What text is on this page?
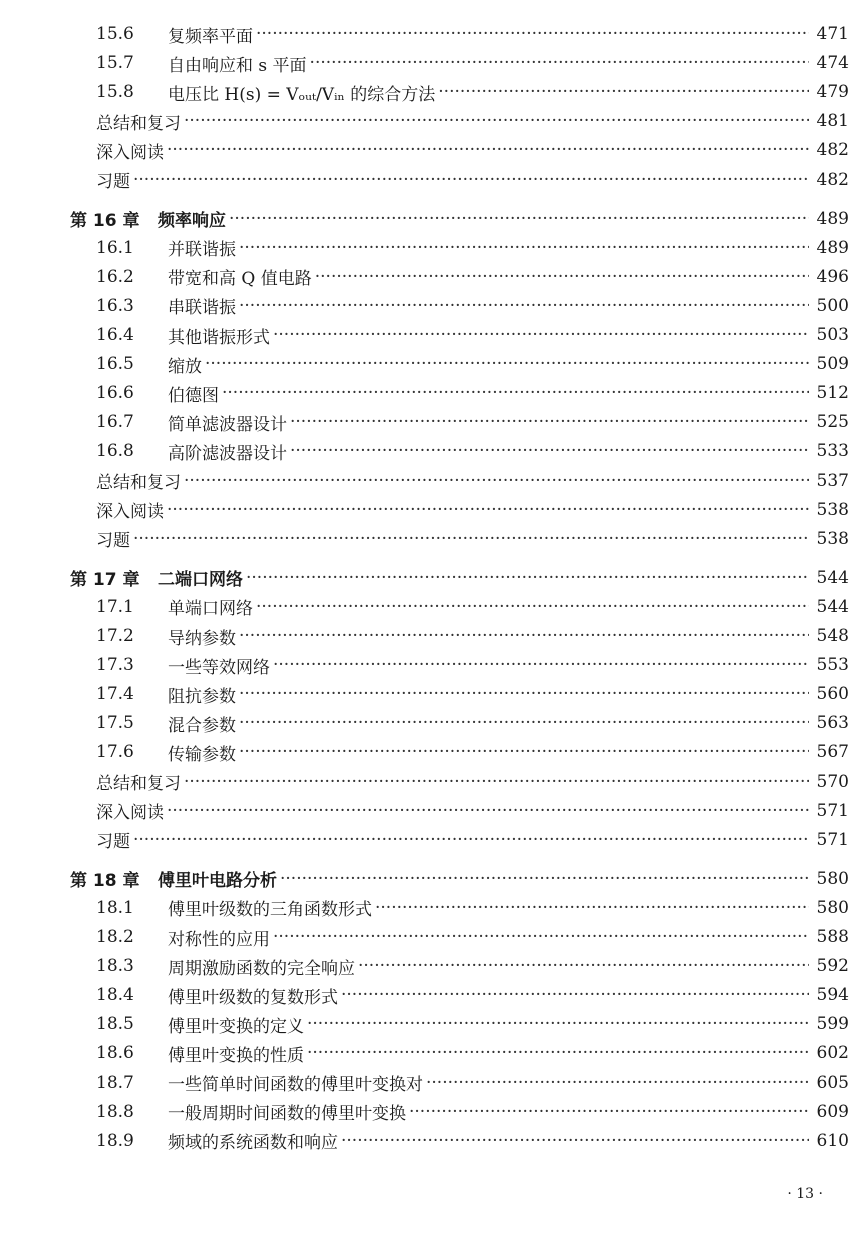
15.6	复频率平面 ·····	471
15.7	自由响应和 s 平面 ·····	474
15.8	电压比 H(s) = Vₒᵤₜ/Vᵢₙ 的综合方法 ·····	479
总结和复习 ·····	481
深入阅读 ·····	482
习题 ·····	482
第 16 章	频率响应 ·····	489
16.1	并联谐振 ·····	489
16.2	带宽和高 Q 值电路 ·····	496
16.3	串联谐振 ·····	500
16.4	其他谐振形式 ·····	503
16.5	缩放 ·····	509
16.6	伯德图 ·····	512
16.7	简单滤波器设计 ·····	525
16.8	高阶滤波器设计 ·····	533
总结和复习 ·····	537
深入阅读 ·····	538
习题 ·····	538
第 17 章	二端口网络 ·····	544
17.1	单端口网络 ·····	544
17.2	导纳参数 ·····	548
17.3	一些等效网络 ·····	553
17.4	阻抗参数 ·····	560
17.5	混合参数 ·····	563
17.6	传输参数 ·····	567
总结和复习 ·····	570
深入阅读 ·····	571
习题 ·····	571
第 18 章	傅里叶电路分析 ·····	580
18.1	傅里叶级数的三角函数形式 ·····	580
18.2	对称性的应用 ·····	588
18.3	周期激励函数的完全响应 ·····	592
18.4	傅里叶级数的复数形式 ·····	594
18.5	傅里叶变换的定义 ·····	599
18.6	傅里叶变换的性质 ·····	602
18.7	一些简单时间函数的傅里叶变换对 ·····	605
18.8	一般周期时间函数的傅里叶变换 ·····	609
18.9	频域的系统函数和响应 ·····	610
· 13 ·
